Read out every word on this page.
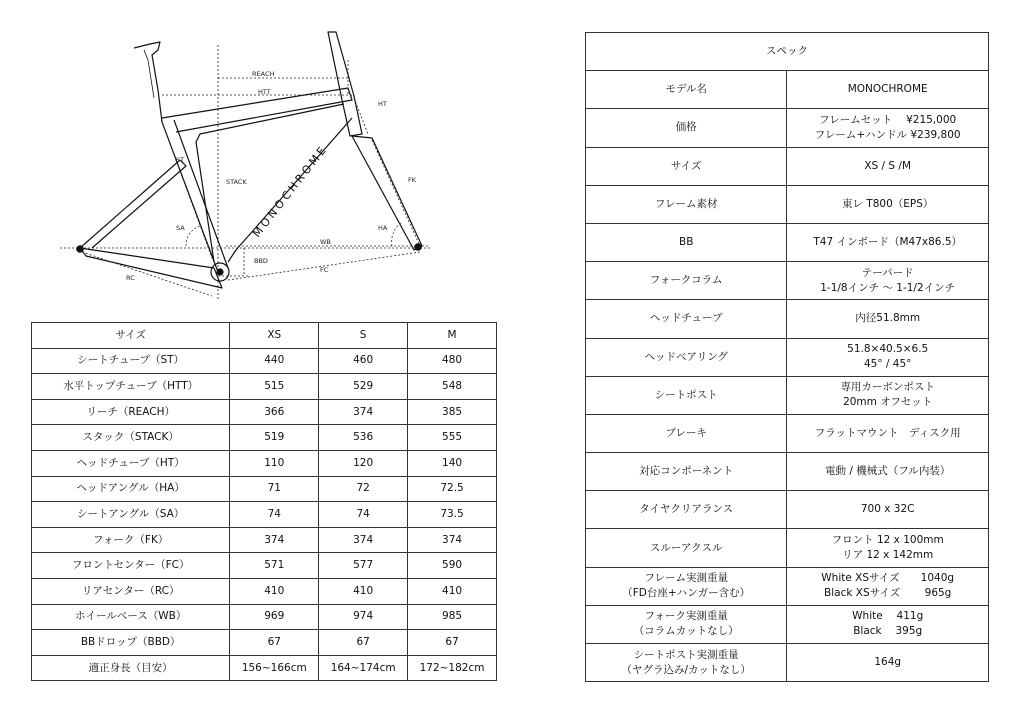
MONOCHROME
REACH
HTT
HT
ST
STACK	FK
SA	HA
WB
BBD
FC
RC
サイズ	XS	S	M
シートチューブ（ST）	440	460	480
水平トップチューブ（HTT）	515	529	548
リーチ（REACH）	366	374	385
スタック（STACK）	519	536	555
ヘッドチューブ（HT）	110	120	140
ヘッドアングル（HA）	71	72	72.5
シートアングル（SA）	74	74	73.5
フォーク（FK）	374	374	374
フロントセンター（FC）	571	577	590
リアセンター（RC）	410	410	410
ホイールベース（WB）	969	974	985
BBドロップ（BBD）	67	67	67
適正身長（目安）	156~166cm	164~174cm	172~182cm
スペック	
モデル名	MONOCHROME
価格	フレームセット　 ¥215,000
フレーム+ハンドル ¥239,800
サイズ	XS / S /M
フレーム素材	東レ T800（EPS）
BB	T47 インボード（M47x86.5）
フォークコラム	テーパード
1-1/8インチ ～ 1-1/2インチ
ヘッドチューブ	内径51.8mm
ヘッドベアリング	51.8×40.5×6.5
45° / 45°
シートポスト	専用カーボンポスト
20mm オフセット
ブレーキ	フラットマウント　ディスク用
対応コンポーネント	電動 / 機械式（フル内装）
タイヤクリアランス	700 x 32C
スルーアクスル	フロント 12 x 100mm
リア 12 x 142mm
フレーム実測重量
（FD台座+ハンガー含む）	White XSサイズ　　1040g
Black XSサイズ　　 965g
フォーク実測重量
（コラムカットなし）	White　 411g
Black　 395g
シートポスト実測重量
（ヤグラ込み/カットなし）	164g
